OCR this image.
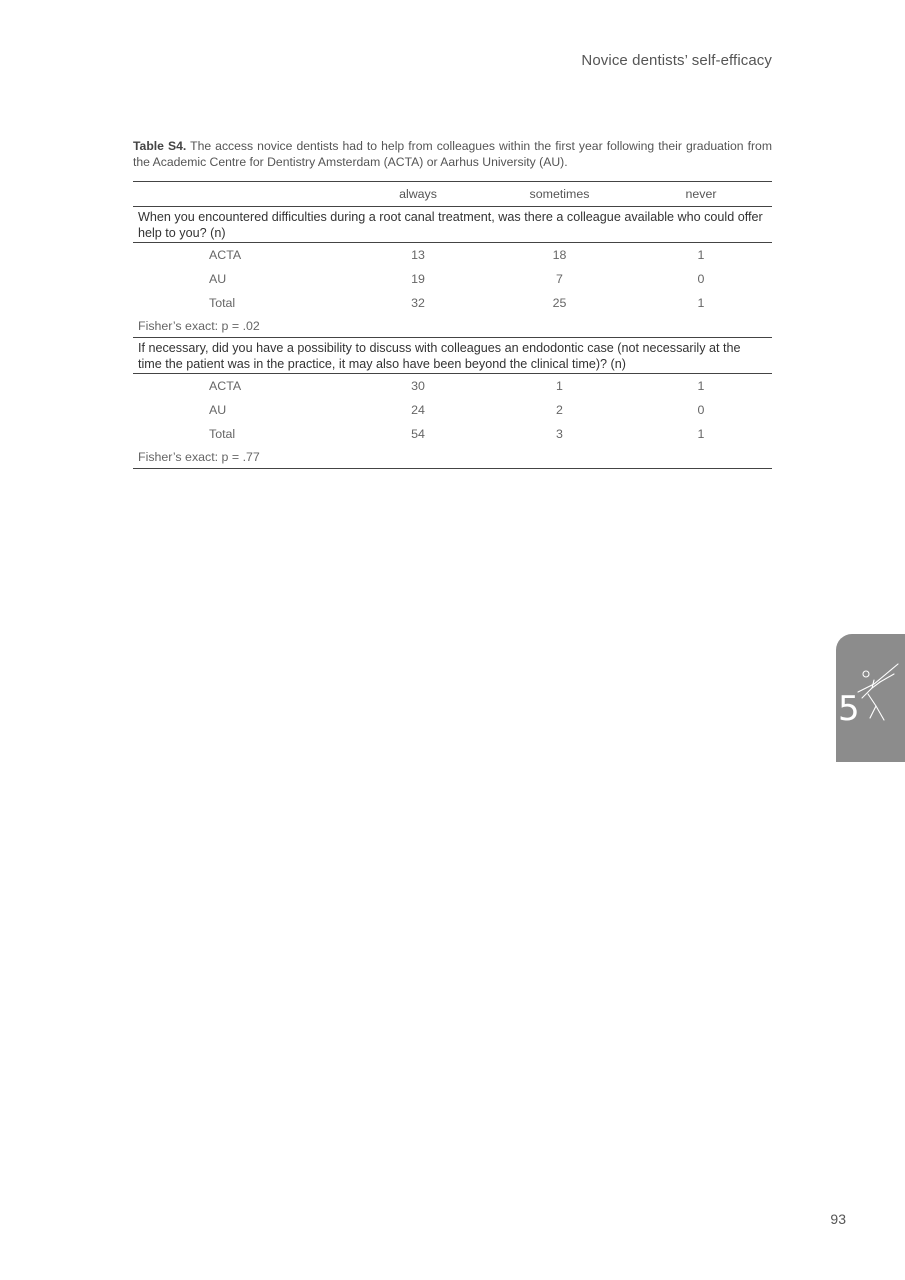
Novice dentists’ self-efficacy
Table S4. The access novice dentists had to help from colleagues within the first year following their graduation from the Academic Centre for Dentistry Amsterdam (ACTA) or Aarhus University (AU).
	always	sometimes	never
When you encountered difficulties during a root canal treatment, was there a colleague available who could offer help to you? (n)			
ACTA	13	18	1
AU	19	7	0
Total	32	25	1
Fisher’s exact: p = .02			
If necessary, did you have a possibility to discuss with colleagues an endodontic case (not necessarily at the time the patient was in the practice, it may also have been beyond the clinical time)? (n)			
ACTA	30	1	1
AU	24	2	0
Total	54	3	1
Fisher’s exact: p = .77			
5
93
